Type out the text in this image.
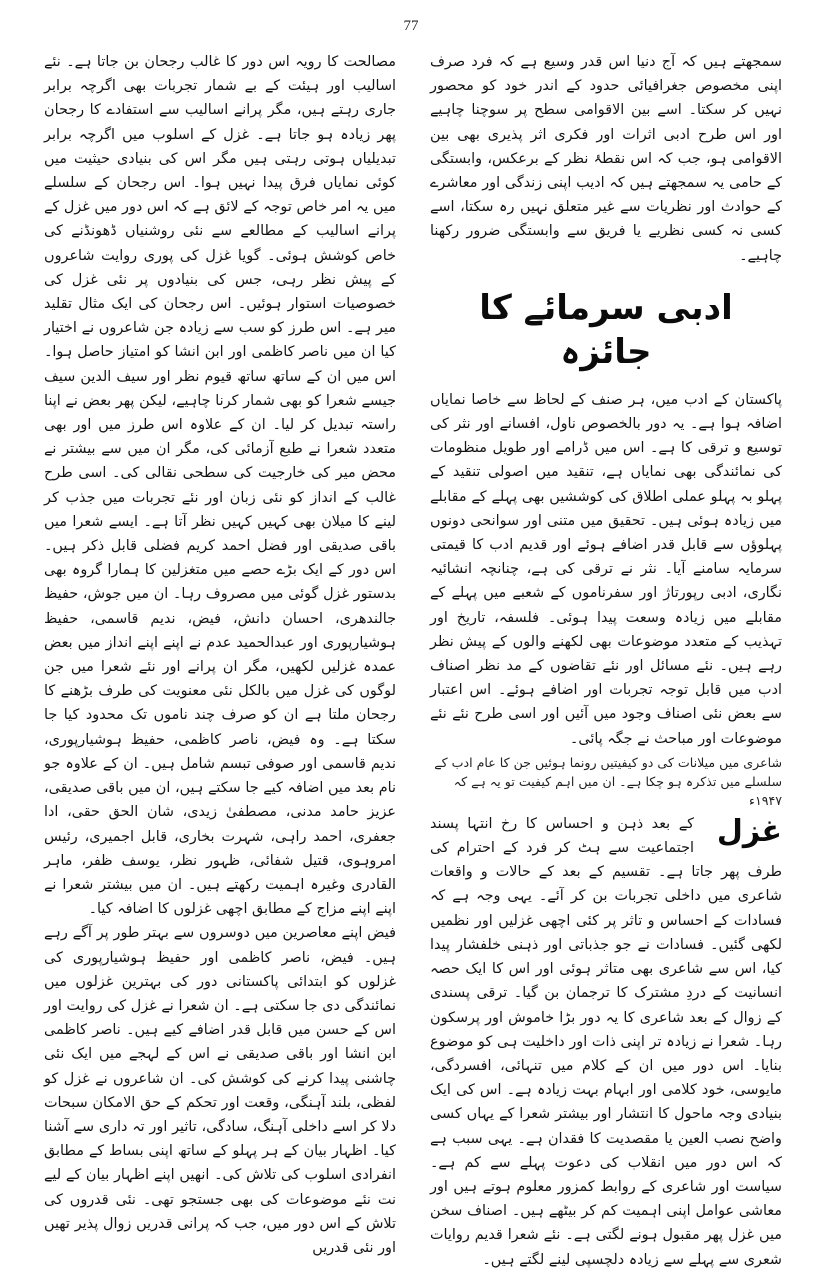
77

سمجھتے ہیں کہ آج دنیا اس قدر وسیع ہے کہ فرد صرف اپنی مخصوص جغرافیائی حدود کے اندر خود کو محصور نہیں کر سکتا۔ اسے بین الاقوامی سطح پر سوچنا چاہیے اور اس طرح ادبی اثرات اور فکری اثر پذیری بھی بین الاقوامی ہو، جب کہ اس نقطۂ نظر کے برعکس، وابستگی کے حامی یہ سمجھتے ہیں کہ ادیب اپنی زندگی اور معاشرے کے حوادث اور نظریات سے غیر متعلق نہیں رہ سکتا، اسے کسی نہ کسی نظریے یا فریق سے وابستگی ضرور رکھنا چاہیے۔

ادبی سرمائے کا جائزہ

پاکستان کے ادب میں، ہر صنف کے لحاظ سے خاصا نمایاں اضافہ ہوا ہے۔ یہ دور بالخصوص ناول، افسانے اور نثر کی توسیع و ترقی کا ہے۔ اس میں ڈرامے اور طویل منظومات کی نمائندگی بھی نمایاں ہے، تنقید میں اصولی تنقید کے پہلو بہ پہلو عملی اطلاق کی کوششیں بھی پہلے کے مقابلے میں زیادہ ہوئی ہیں۔ تحقیق میں متنی اور سوانحی دونوں پہلوؤں سے قابل قدر اضافے ہوئے اور قدیم ادب کا قیمتی سرمایہ سامنے آیا۔ نثر نے ترقی کی ہے، چنانچہ انشائیہ نگاری، ادبی رپورتاژ اور سفرناموں کے شعبے میں پہلے کے مقابلے میں زیادہ وسعت پیدا ہوئی۔ فلسفہ، تاریخ اور تہذیب کے متعدد موضوعات بھی لکھنے والوں کے پیش نظر رہے ہیں۔ نئے مسائل اور نئے تقاضوں کے مد نظر اصناف ادب میں قابل توجہ تجربات اور اضافے ہوئے۔ اس اعتبار سے بعض نئی اصناف وجود میں آئیں اور اسی طرح نئے نئے موضوعات اور مباحث نے جگہ پائی۔

شاعری میں میلانات کی دو کیفیتیں رونما ہوئیں جن کا عام ادب کے سلسلے میں تذکرہ ہو چکا ہے۔ ان میں اہم کیفیت تو یہ ہے کہ ۱۹۴۷ء

غزل

کے بعد ذہن و احساس کا رخ انتہا پسند اجتماعیت سے ہٹ کر فرد کے احترام کی طرف پھر جاتا ہے۔ تقسیم کے بعد کے حالات و واقعات شاعری میں داخلی تجربات بن کر آئے۔ یہی وجہ ہے کہ فسادات کے احساس و تاثر پر کئی اچھی غزلیں اور نظمیں لکھی گئیں۔ فسادات نے جو جذباتی اور ذہنی خلفشار پیدا کیا، اس سے شاعری بھی متاثر ہوئی اور اس کا ایک حصہ انسانیت کے دردِ مشترک کا ترجمان بن گیا۔ ترقی پسندی کے زوال کے بعد شاعری کا یہ دور بڑا خاموش اور پرسکون رہا۔ شعرا نے زیادہ تر اپنی ذات اور داخلیت ہی کو موضوع بنایا۔ اس دور میں ان کے کلام میں تنہائی، افسردگی، مایوسی، خود کلامی اور ابہام بہت زیادہ ہے۔ اس کی ایک بنیادی وجہ ماحول کا انتشار اور بیشتر شعرا کے یہاں کسی واضح نصب العین یا مقصدیت کا فقدان ہے۔ یہی سبب ہے کہ اس دور میں انقلاب کی دعوت پہلے سے کم ہے۔ سیاست اور شاعری کے روابط کمزور معلوم ہوتے ہیں اور معاشی عوامل اپنی اہمیت کم کر بیٹھے ہیں۔ اصناف سخن میں غزل پھر مقبول ہونے لگتی ہے۔ نئے شعرا قدیم روایات شعری سے پہلے سے زیادہ دلچسپی لینے لگتے ہیں۔

مصالحت کا رویہ اس دور کا غالب رجحان بن جاتا ہے۔ نئے اسالیب اور ہیئت کے بے شمار تجربات بھی اگرچہ برابر جاری رہتے ہیں، مگر پرانے اسالیب سے استفادے کا رجحان پھر زیادہ ہو جاتا ہے۔ غزل کے اسلوب میں اگرچہ برابر تبدیلیاں ہوتی رہتی ہیں مگر اس کی بنیادی حیثیت میں کوئی نمایاں فرق پیدا نہیں ہوا۔ اس رجحان کے سلسلے میں یہ امر خاص توجہ کے لائق ہے کہ اس دور میں غزل کے پرانے اسالیب کے مطالعے سے نئی روشنیاں ڈھونڈنے کی خاص کوشش ہوئی۔ گویا غزل کی پوری روایت شاعروں کے پیش نظر رہی، جس کی بنیادوں پر نئی غزل کی خصوصیات استوار ہوئیں۔ اس رجحان کی ایک مثال تقلید میر ہے۔ اس طرز کو سب سے زیادہ جن شاعروں نے اختیار کیا ان میں ناصر کاظمی اور ابن انشا کو امتیاز حاصل ہوا۔ اس میں ان کے ساتھ ساتھ قیوم نظر اور سیف الدین سیف جیسے شعرا کو بھی شمار کرنا چاہیے، لیکن پھر بعض نے اپنا راستہ تبدیل کر لیا۔ ان کے علاوہ اس طرز میں اور بھی متعدد شعرا نے طبع آزمائی کی، مگر ان میں سے بیشتر نے محض میر کی خارجیت کی سطحی نقالی کی۔ اسی طرح غالب کے انداز کو نئی زبان اور نئے تجربات میں جذب کر لینے کا میلان بھی کہیں کہیں نظر آتا ہے۔ ایسے شعرا میں باقی صدیقی اور فضل احمد کریم فضلی قابل ذکر ہیں۔ اس دور کے ایک بڑے حصے میں متغزلین کا ہمارا گروہ بھی بدستور غزل گوئی میں مصروف رہا۔ ان میں جوش، حفیظ جالندھری، احسان دانش، فیض، ندیم قاسمی، حفیظ ہوشیارپوری اور عبدالحمید عدم نے اپنے اپنے انداز میں بعض عمدہ غزلیں لکھیں، مگر ان پرانے اور نئے شعرا میں جن لوگوں کی غزل میں بالکل نئی معنویت کی طرف بڑھنے کا رجحان ملتا ہے ان کو صرف چند ناموں تک محدود کیا جا سکتا ہے۔ وہ فیض، ناصر کاظمی، حفیظ ہوشیارپوری، ندیم قاسمی اور صوفی تبسم شامل ہیں۔ ان کے علاوہ جو نام بعد میں اضافہ کیے جا سکتے ہیں، ان میں باقی صدیقی، عزیز حامد مدنی، مصطفیٰ زیدی، شان الحق حقی، ادا جعفری، احمد راہی، شہرت بخاری، قابل اجمیری، رئیس امروہوی، قتیل شفائی، ظہور نظر، یوسف ظفر، ماہر القادری وغیرہ اہمیت رکھتے ہیں۔ ان میں بیشتر شعرا نے اپنے اپنے مزاج کے مطابق اچھی غزلوں کا اضافہ کیا۔

فیض اپنے معاصرین میں دوسروں سے بہتر طور پر آگے رہے ہیں۔ فیض، ناصر کاظمی اور حفیظ ہوشیارپوری کی غزلوں کو ابتدائی پاکستانی دور کی بہترین غزلوں میں نمائندگی دی جا سکتی ہے۔ ان شعرا نے غزل کی روایت اور اس کے حسن میں قابل قدر اضافے کیے ہیں۔ ناصر کاظمی ابن انشا اور باقی صدیقی نے اس کے لہجے میں ایک نئی چاشنی پیدا کرنے کی کوشش کی۔ ان شاعروں نے غزل کو لفظی، بلند آہنگی، وقعت اور تحکم کے حق الامکان سبحات دلا کر اسے داخلی آہنگ، سادگی، تاثیر اور تہ داری سے آشنا کیا۔ اظہار بیان کے ہر پہلو کے ساتھ اپنی بساط کے مطابق انفرادی اسلوب کی تلاش کی۔ انھیں اپنے اظہار بیان کے لیے نت نئے موضوعات کی بھی جستجو تھی۔ نئی قدروں کی تلاش کے اس دور میں، جب کہ پرانی قدریں زوال پذیر تھیں اور نئی قدریں
